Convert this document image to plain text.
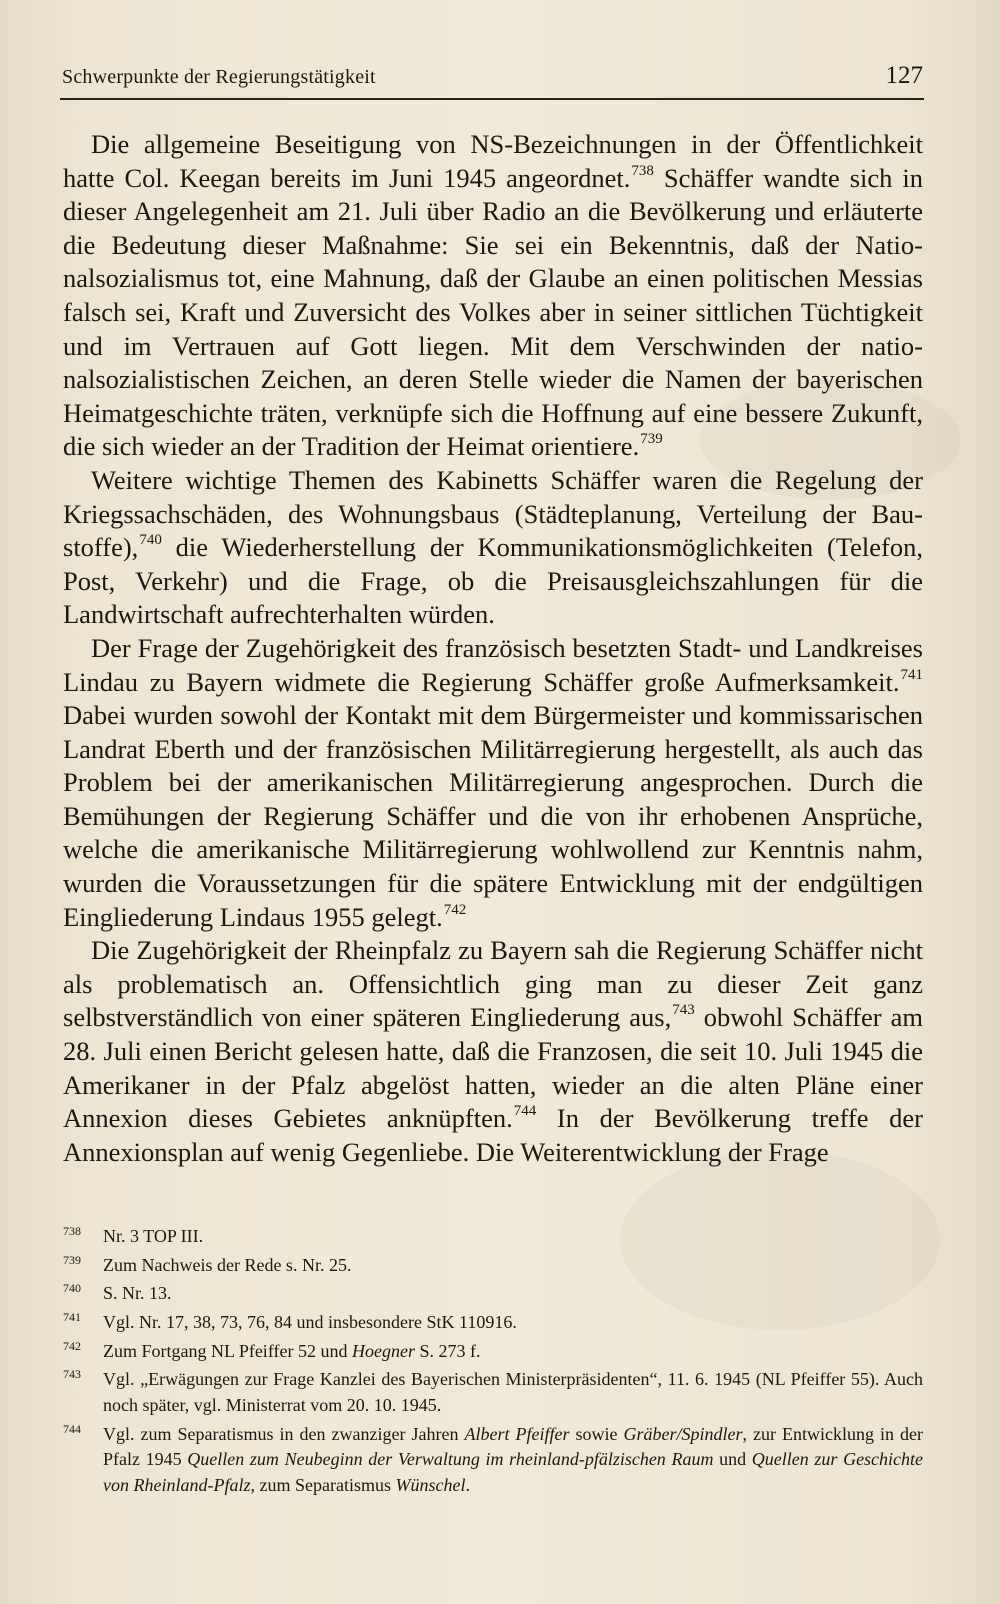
Schwerpunkte der Regierungstätigkeit	127

Die allgemeine Beseitigung von NS-Bezeichnungen in der Öffentlichkeit hatte Col. Keegan bereits im Juni 1945 angeordnet.$^{738}$ Schäffer wandte sich in dieser Angelegenheit am 21. Juli über Radio an die Bevölkerung und erläuterte die Bedeutung dieser Maßnahme: Sie sei ein Bekenntnis, daß der Nationalsozialismus tot, eine Mahnung, daß der Glaube an einen politischen Messias falsch sei, Kraft und Zuversicht des Volkes aber in seiner sittlichen Tüchtigkeit und im Vertrauen auf Gott liegen. Mit dem Verschwinden der nationalsozialistischen Zeichen, an deren Stelle wieder die Namen der bayerischen Heimatgeschichte träten, verknüpfe sich die Hoffnung auf eine bessere Zukunft, die sich wieder an der Tradition der Heimat orientiere.$^{739}$

Weitere wichtige Themen des Kabinetts Schäffer waren die Regelung der Kriegssachschäden, des Wohnungsbaus (Städteplanung, Verteilung der Baustoffe),$^{740}$ die Wiederherstellung der Kommunikationsmöglichkeiten (Telefon, Post, Verkehr) und die Frage, ob die Preisausgleichszahlungen für die Landwirtschaft aufrechterhalten würden.

Der Frage der Zugehörigkeit des französisch besetzten Stadt- und Landkreises Lindau zu Bayern widmete die Regierung Schäffer große Aufmerksamkeit.$^{741}$ Dabei wurden sowohl der Kontakt mit dem Bürgermeister und kommissarischen Landrat Eberth und der französischen Militärregierung hergestellt, als auch das Problem bei der amerikanischen Militärregierung angesprochen. Durch die Bemühungen der Regierung Schäffer und die von ihr erhobenen Ansprüche, welche die amerikanische Militärregierung wohlwollend zur Kenntnis nahm, wurden die Voraussetzungen für die spätere Entwicklung mit der endgültigen Eingliederung Lindaus 1955 gelegt.$^{742}$

Die Zugehörigkeit der Rheinpfalz zu Bayern sah die Regierung Schäffer nicht als problematisch an. Offensichtlich ging man zu dieser Zeit ganz selbstverständlich von einer späteren Eingliederung aus,$^{743}$ obwohl Schäffer am 28. Juli einen Bericht gelesen hatte, daß die Franzosen, die seit 10. Juli 1945 die Amerikaner in der Pfalz abgelöst hatten, wieder an die alten Pläne einer Annexion dieses Gebietes anknüpften.$^{744}$ In der Bevölkerung treffe der Annexionsplan auf wenig Gegenliebe. Die Weiterentwicklung der Frage

738 Nr. 3 TOP III.
739 Zum Nachweis der Rede s. Nr. 25.
740 S. Nr. 13.
741 Vgl. Nr. 17, 38, 73, 76, 84 und insbesondere StK 110916.
742 Zum Fortgang NL Pfeiffer 52 und Hoegner S. 273 f.
743 Vgl. „Erwägungen zur Frage Kanzlei des Bayerischen Ministerpräsidenten“, 11. 6. 1945 (NL Pfeiffer 55). Auch noch später, vgl. Ministerrat vom 20. 10. 1945.
744 Vgl. zum Separatismus in den zwanziger Jahren Albert Pfeiffer sowie Gräber/Spindler, zur Entwicklung in der Pfalz 1945 Quellen zum Neubeginn der Verwaltung im rheinland-pfälzischen Raum und Quellen zur Geschichte von Rheinland-Pfalz, zum Separatismus Wünschel.
